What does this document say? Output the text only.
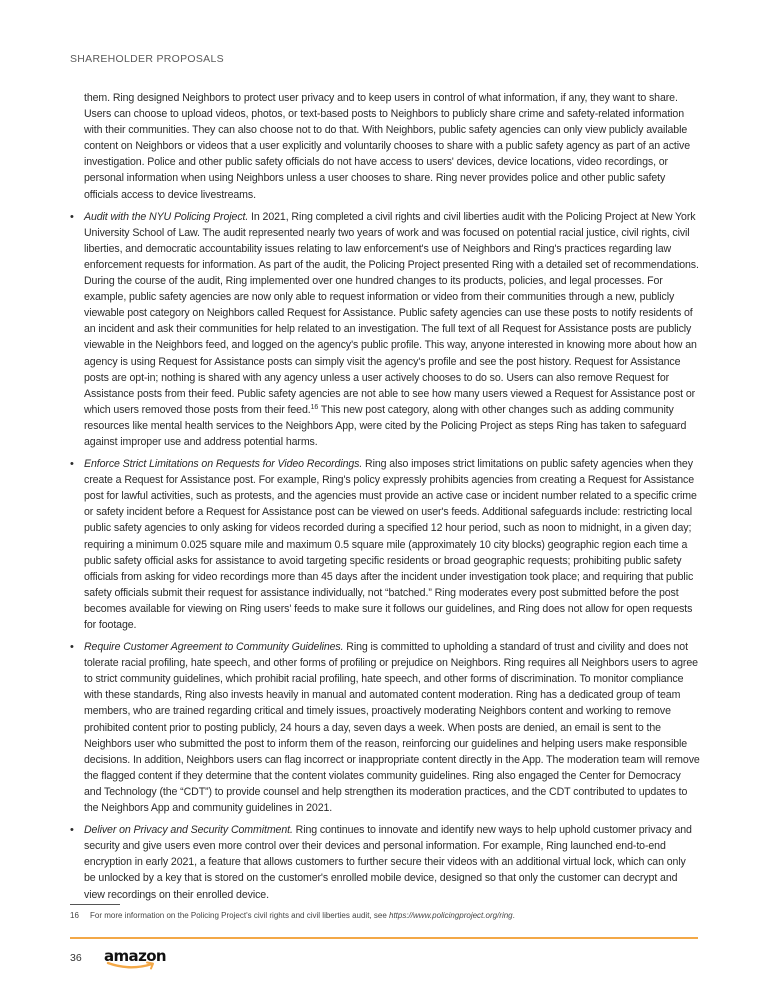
SHAREHOLDER PROPOSALS

them. Ring designed Neighbors to protect user privacy and to keep users in control of what information, if any, they want to share. Users can choose to upload videos, photos, or text-based posts to Neighbors to publicly share crime and safety-related information with their communities. They can also choose not to do that. With Neighbors, public safety agencies can only view publicly available content on Neighbors or videos that a user explicitly and voluntarily chooses to share with a public safety agency as part of an active investigation. Police and other public safety officials do not have access to users' devices, device locations, video recordings, or personal information when using Neighbors unless a user chooses to share. Ring never provides police and other public safety officials access to device livestreams.

• Audit with the NYU Policing Project. In 2021, Ring completed a civil rights and civil liberties audit with the Policing Project at New York University School of Law. The audit represented nearly two years of work and was focused on potential racial justice, civil rights, civil liberties, and democratic accountability issues relating to law enforcement's use of Neighbors and Ring's practices regarding law enforcement requests for information. As part of the audit, the Policing Project presented Ring with a detailed set of recommendations. During the course of the audit, Ring implemented over one hundred changes to its products, policies, and legal processes. For example, public safety agencies are now only able to request information or video from their communities through a new, publicly viewable post category on Neighbors called Request for Assistance. Public safety agencies can use these posts to notify residents of an incident and ask their communities for help related to an investigation. The full text of all Request for Assistance posts are publicly viewable in the Neighbors feed, and logged on the agency's public profile. This way, anyone interested in knowing more about how an agency is using Request for Assistance posts can simply visit the agency's profile and see the post history. Request for Assistance posts are opt-in; nothing is shared with any agency unless a user actively chooses to do so. Users can also remove Request for Assistance posts from their feed. Public safety agencies are not able to see how many users viewed a Request for Assistance post or which users removed those posts from their feed.$^{16}$ This new post category, along with other changes such as adding community resources like mental health services to the Neighbors App, were cited by the Policing Project as steps Ring has taken to safeguard against improper use and address potential harms.
• Enforce Strict Limitations on Requests for Video Recordings. Ring also imposes strict limitations on public safety agencies when they create a Request for Assistance post. For example, Ring's policy expressly prohibits agencies from creating a Request for Assistance post for lawful activities, such as protests, and the agencies must provide an active case or incident number related to a specific crime or safety incident before a Request for Assistance post can be viewed on user's feeds. Additional safeguards include: restricting local public safety agencies to only asking for videos recorded during a specified 12 hour period, such as noon to midnight, in a given day; requiring a minimum 0.025 square mile and maximum 0.5 square mile (approximately 10 city blocks) geographic region each time a public safety official asks for assistance to avoid targeting specific residents or broad geographic requests; prohibiting public safety officials from asking for video recordings more than 45 days after the incident under investigation took place; and requiring that public safety officials submit their request for assistance individually, not “batched.” Ring moderates every post submitted before the post becomes available for viewing on Ring users' feeds to make sure it follows our guidelines, and Ring does not allow for open requests for footage.
• Require Customer Agreement to Community Guidelines. Ring is committed to upholding a standard of trust and civility and does not tolerate racial profiling, hate speech, and other forms of profiling or prejudice on Neighbors. Ring requires all Neighbors users to agree to strict community guidelines, which prohibit racial profiling, hate speech, and other forms of discrimination. To monitor compliance with these standards, Ring also invests heavily in manual and automated content moderation. Ring has a dedicated group of team members, who are trained regarding critical and timely issues, proactively moderating Neighbors content and working to remove prohibited content prior to posting publicly, 24 hours a day, seven days a week. When posts are denied, an email is sent to the Neighbors user who submitted the post to inform them of the reason, reinforcing our guidelines and helping users make responsible decisions. In addition, Neighbors users can flag incorrect or inappropriate content directly in the App. The moderation team will remove the flagged content if they determine that the content violates community guidelines. Ring also engaged the Center for Democracy and Technology (the “CDT”) to provide counsel and help strengthen its moderation practices, and the CDT contributed to updates to the Neighbors App and community guidelines in 2021.
• Deliver on Privacy and Security Commitment. Ring continues to innovate and identify new ways to help uphold customer privacy and security and give users even more control over their devices and personal information. For example, Ring launched end-to-end encryption in early 2021, a feature that allows customers to further secure their videos with an additional virtual lock, which can only be unlocked by a key that is stored on the customer's enrolled mobile device, designed so that only the customer can decrypt and view recordings on their enrolled device.
16 For more information on the Policing Project's civil rights and civil liberties audit, see https://www.policingproject.org/ring.
36 amazon
